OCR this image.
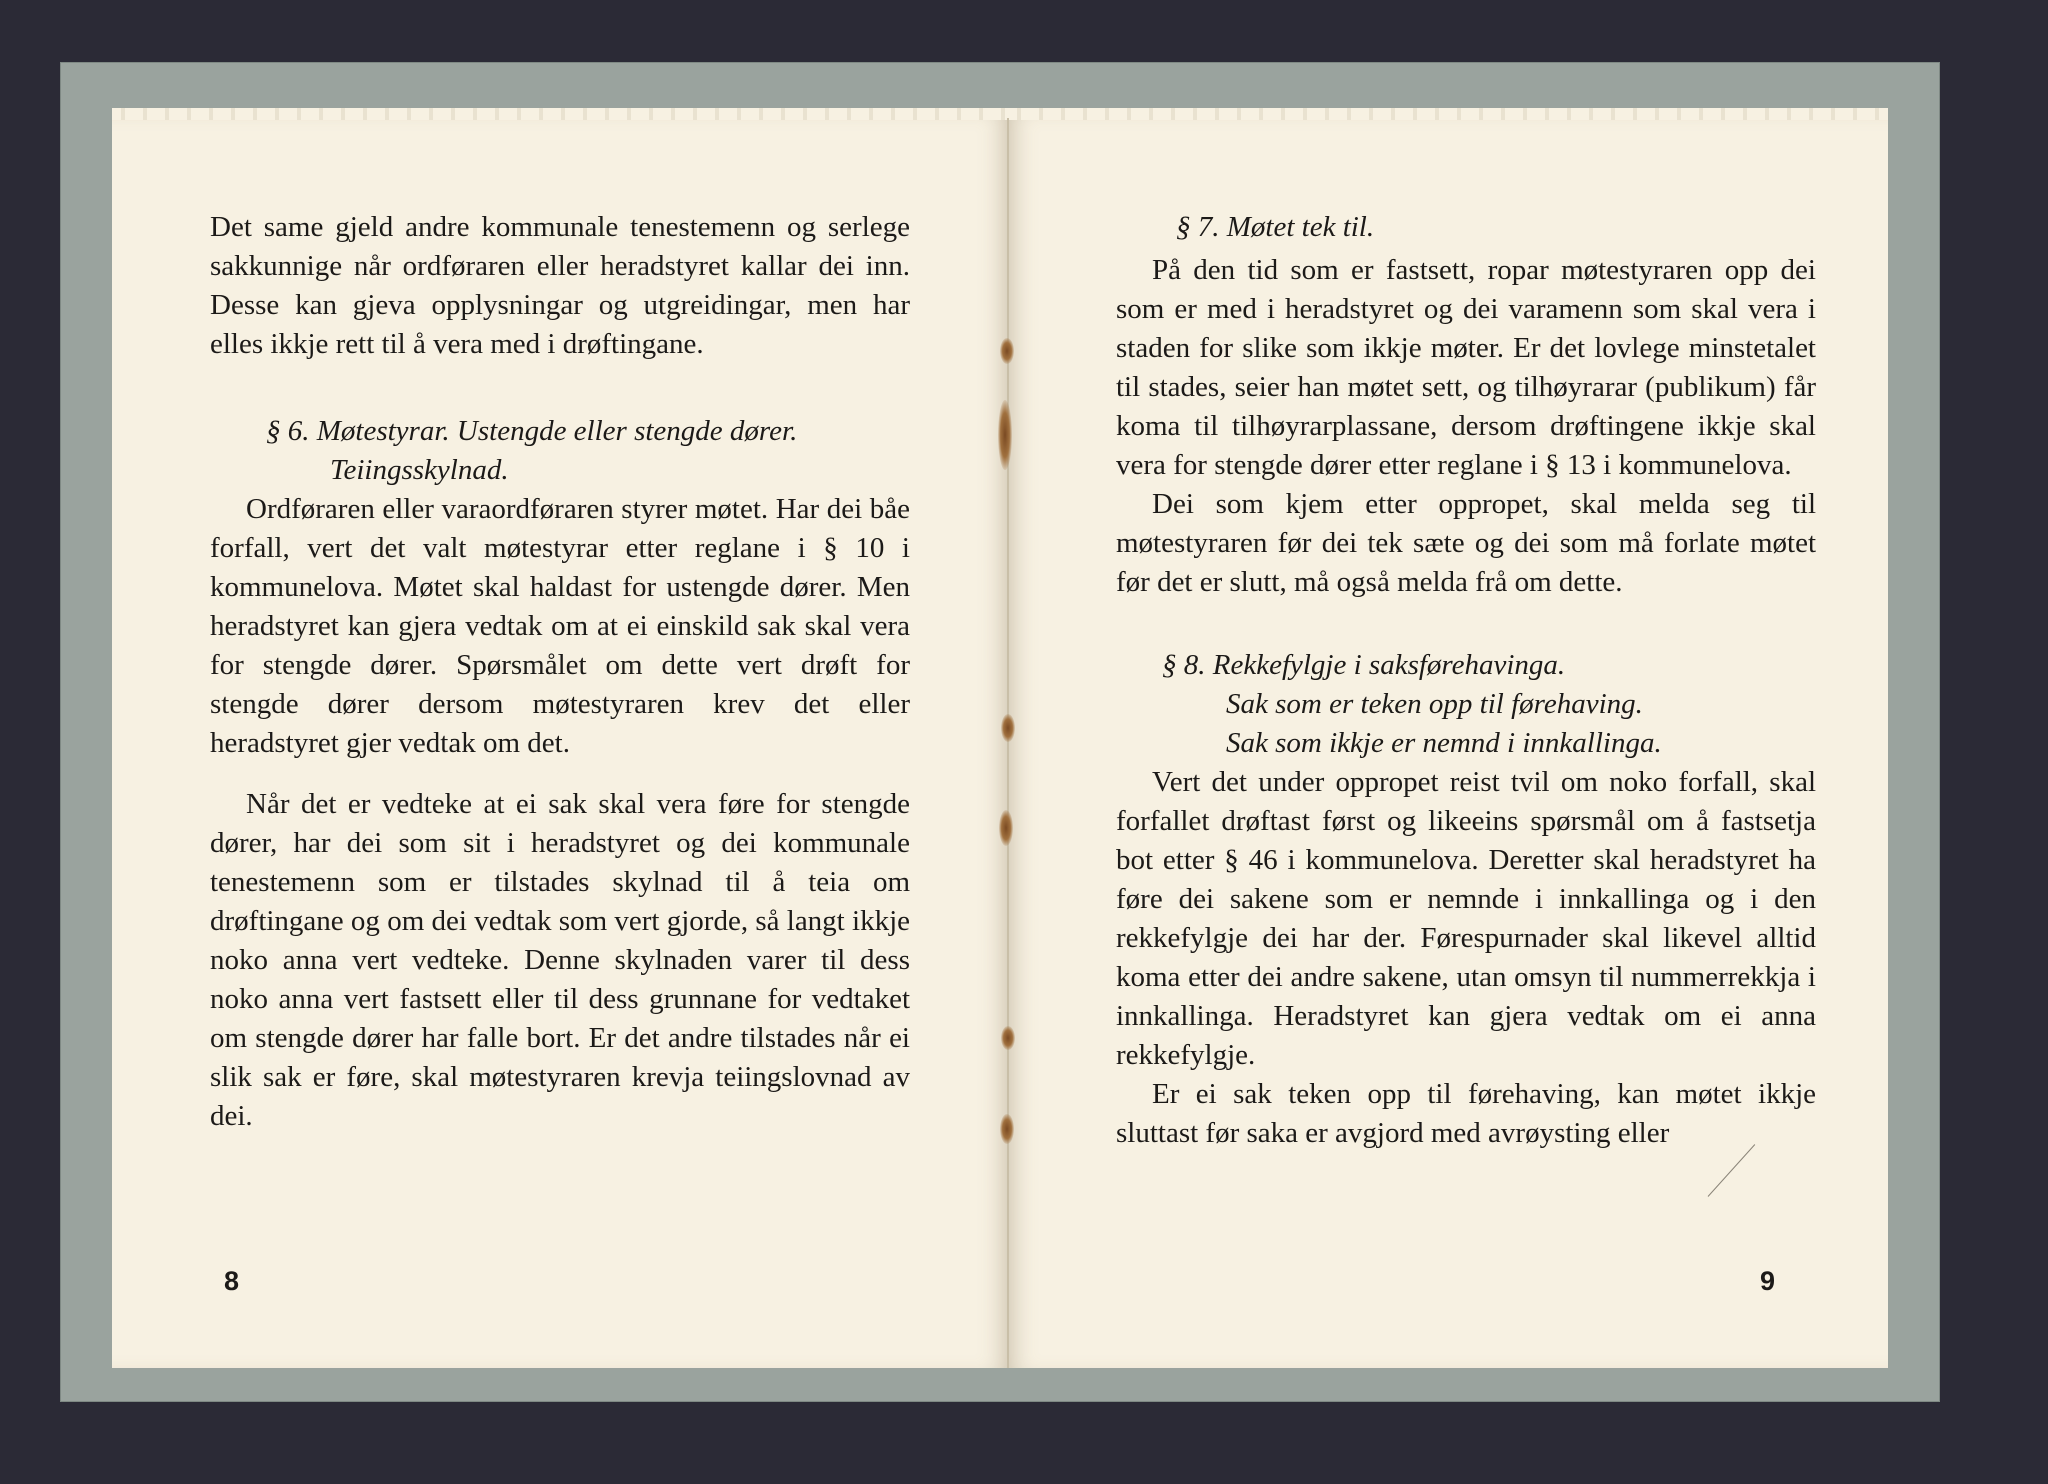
Det same gjeld andre kommunale tenestemenn og serlege sakkunnige når ordføraren eller heradstyret kallar dei inn. Desse kan gjeva opplysningar og utgreidingar, men har elles ikkje rett til å vera med i drøftingane.

§ 6. Møtestyrar. Ustengde eller stengde dører.

Teiingsskylnad.

Ordføraren eller varaordføraren styrer møtet. Har dei båe forfall, vert det valt møtestyrar etter reglane i § 10 i kommunelova. Møtet skal haldast for ustengde dører. Men heradstyret kan gjera vedtak om at ei einskild sak skal vera for stengde dører. Spørsmålet om dette vert drøft for stengde dører dersom møtestyraren krev det eller heradstyret gjer vedtak om det.

Når det er vedteke at ei sak skal vera føre for stengde dører, har dei som sit i heradstyret og dei kommunale tenestemenn som er tilstades skylnad til å teia om drøftingane og om dei vedtak som vert gjorde, så langt ikkje noko anna vert vedteke. Denne skylnaden varer til dess noko anna vert fastsett eller til dess grunnane for vedtaket om stengde dører har falle bort. Er det andre tilstades når ei slik sak er føre, skal møtestyraren krevja teiingslovnad av dei.

8

§ 7. Møtet tek til.

På den tid som er fastsett, ropar møtestyraren opp dei som er med i heradstyret og dei varamenn som skal vera i staden for slike som ikkje møter. Er det lovlege minstetalet til stades, seier han møtet sett, og tilhøyrarar (publikum) får koma til tilhøyrarplassane, dersom drøftingene ikkje skal vera for stengde dører etter reglane i § 13 i kommunelova.

Dei som kjem etter oppropet, skal melda seg til møtestyraren før dei tek sæte og dei som må forlate møtet før det er slutt, må også melda frå om dette.

§ 8. Rekkefylgje i saksførehavinga.

Sak som er teken opp til førehaving.

Sak som ikkje er nemnd i innkallinga.

Vert det under oppropet reist tvil om noko forfall, skal forfallet drøftast først og likeeins spørsmål om å fastsetja bot etter § 46 i kommunelova. Deretter skal heradstyret ha føre dei sakene som er nemnde i innkallinga og i den rekkefylgje dei har der. Førespurnader skal likevel alltid koma etter dei andre sakene, utan omsyn til nummerrekkja i innkallinga. Heradstyret kan gjera vedtak om ei anna rekkefylgje.

Er ei sak teken opp til førehaving, kan møtet ikkje sluttast før saka er avgjord med avrøysting eller

9
